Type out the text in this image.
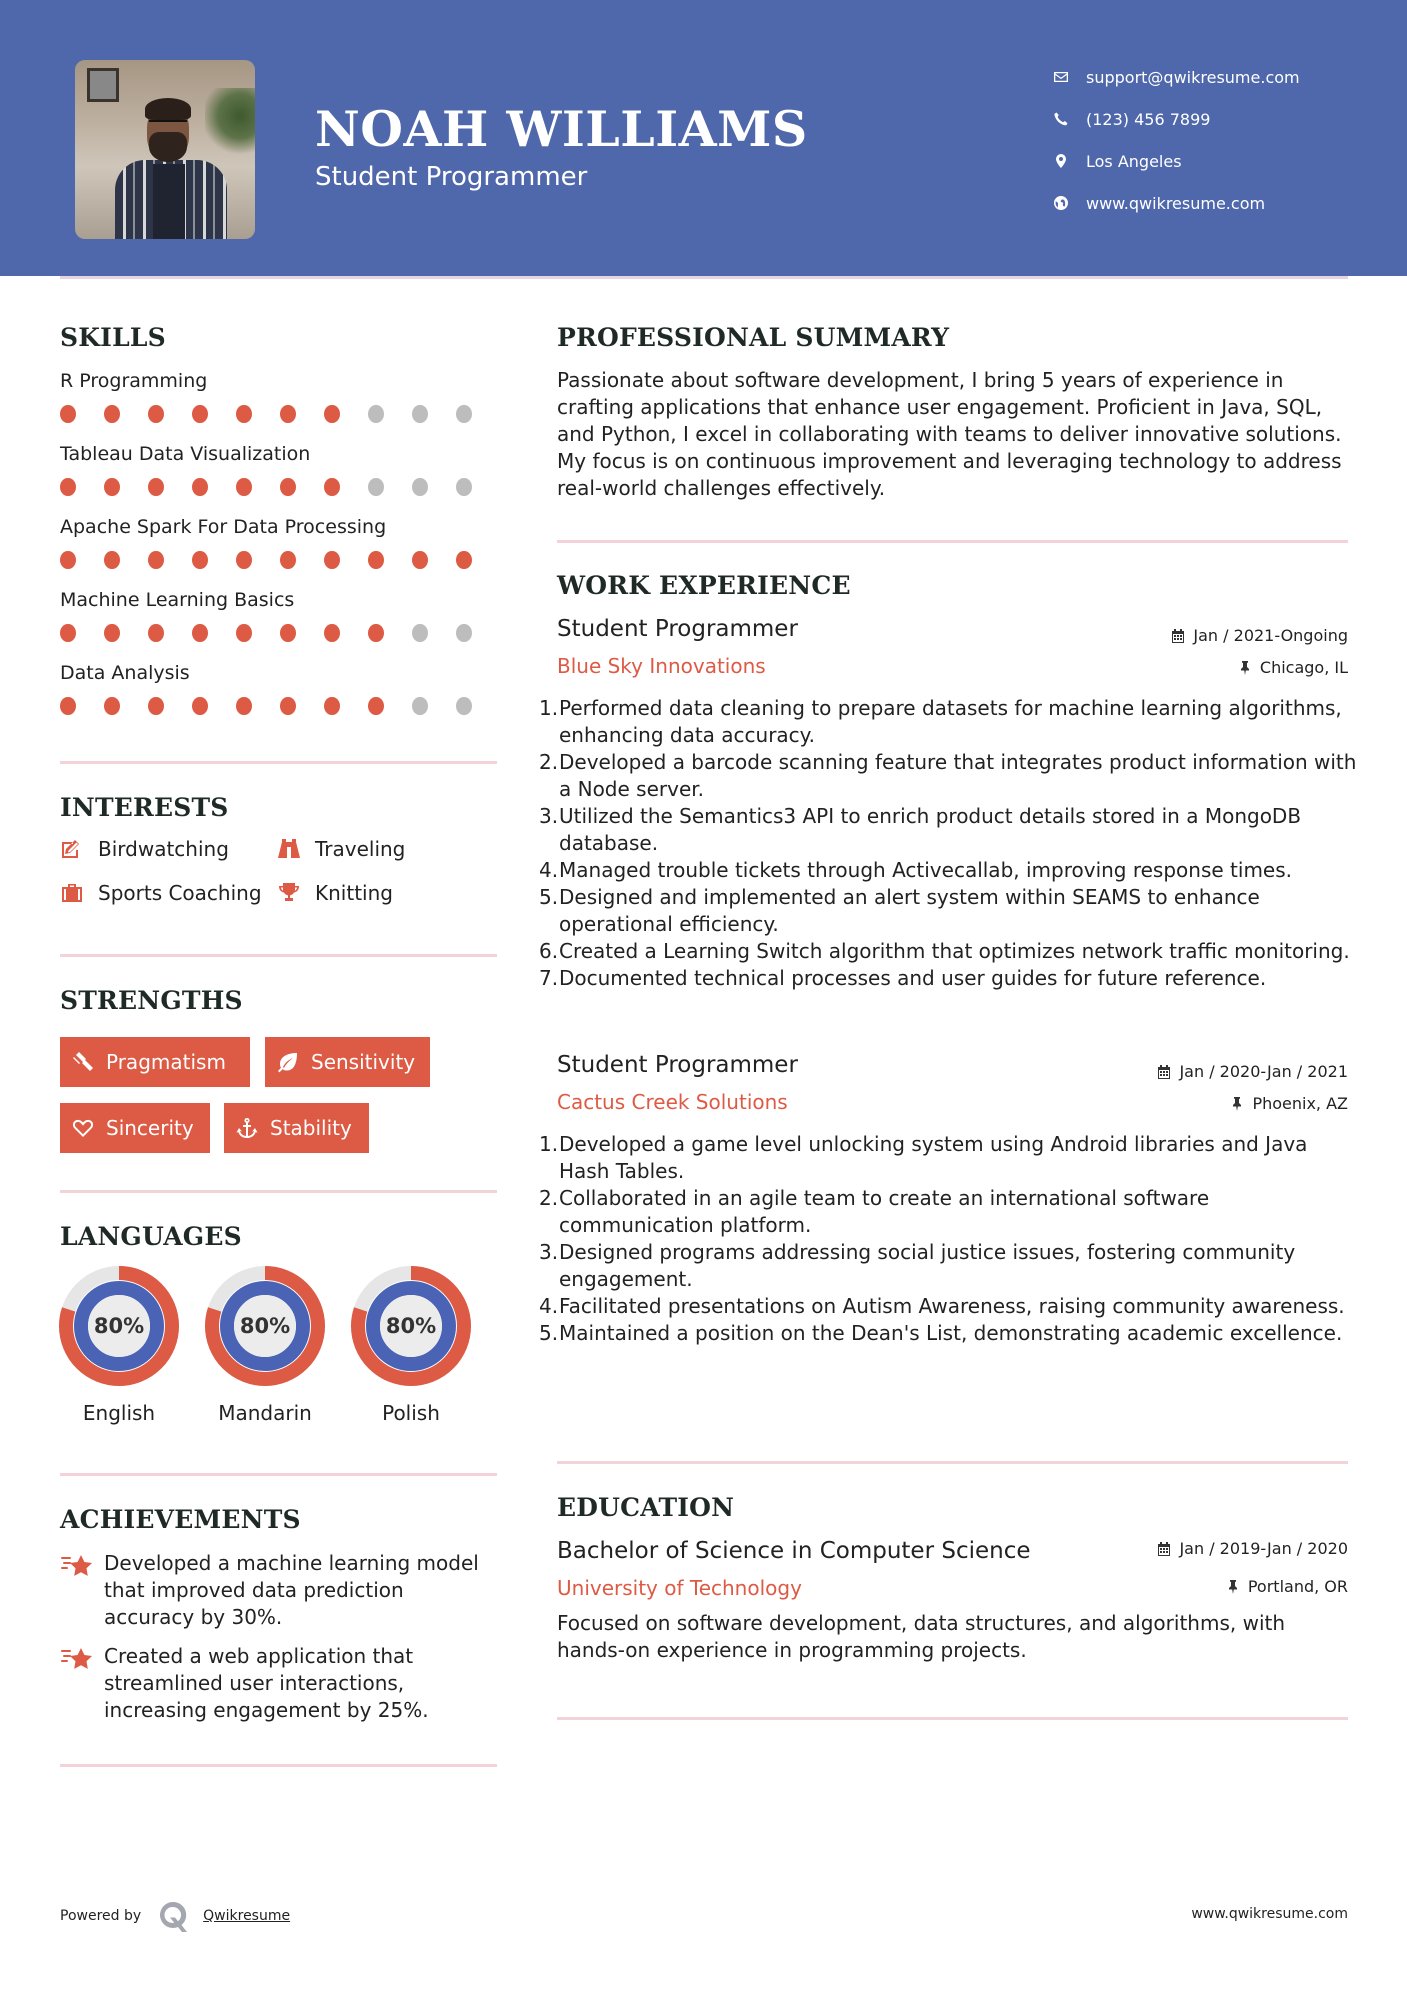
NOAH WILLIAMS
Student Programmer
support@qwikresume.com
(123) 456 7899
Los Angeles
www.qwikresume.com
SKILLS
R Programming
Tableau Data Visualization
Apache Spark For Data Processing
Machine Learning Basics
Data Analysis
INTERESTS
Birdwatching	Traveling
Sports Coaching	Knitting
STRENGTHS
Pragmatism	Sensitivity
Sincerity	Stability
LANGUAGES
80%
English
80%
Mandarin
80%
Polish
ACHIEVEMENTS
Developed a machine learning model that improved data prediction accuracy by 30%.
Created a web application that streamlined user interactions, increasing engagement by 25%.
PROFESSIONAL SUMMARY
Passionate about software development, I bring 5 years of experience in crafting applications that enhance user engagement. Proficient in Java, SQL, and Python, I excel in collaborating with teams to deliver innovative solutions. My focus is on continuous improvement and leveraging technology to address real-world challenges effectively.
WORK EXPERIENCE
Student Programmer	Jan / 2021-Ongoing
Blue Sky Innovations	Chicago, IL
1. Performed data cleaning to prepare datasets for machine learning algorithms, enhancing data accuracy.
2. Developed a barcode scanning feature that integrates product information with a Node server.
3. Utilized the Semantics3 API to enrich product details stored in a MongoDB database.
4. Managed trouble tickets through Activecallab, improving response times.
5. Designed and implemented an alert system within SEAMS to enhance operational efficiency.
6. Created a Learning Switch algorithm that optimizes network traffic monitoring.
7. Documented technical processes and user guides for future reference.
Student Programmer	Jan / 2020-Jan / 2021
Cactus Creek Solutions	Phoenix, AZ
1. Developed a game level unlocking system using Android libraries and Java Hash Tables.
2. Collaborated in an agile team to create an international software communication platform.
3. Designed programs addressing social justice issues, fostering community engagement.
4. Facilitated presentations on Autism Awareness, raising community awareness.
5. Maintained a position on the Dean's List, demonstrating academic excellence.
EDUCATION
Bachelor of Science in Computer Science	Jan / 2019-Jan / 2020
University of Technology	Portland, OR
Focused on software development, data structures, and algorithms, with hands-on experience in programming projects.
Powered by	Qwikresume	www.qwikresume.com
